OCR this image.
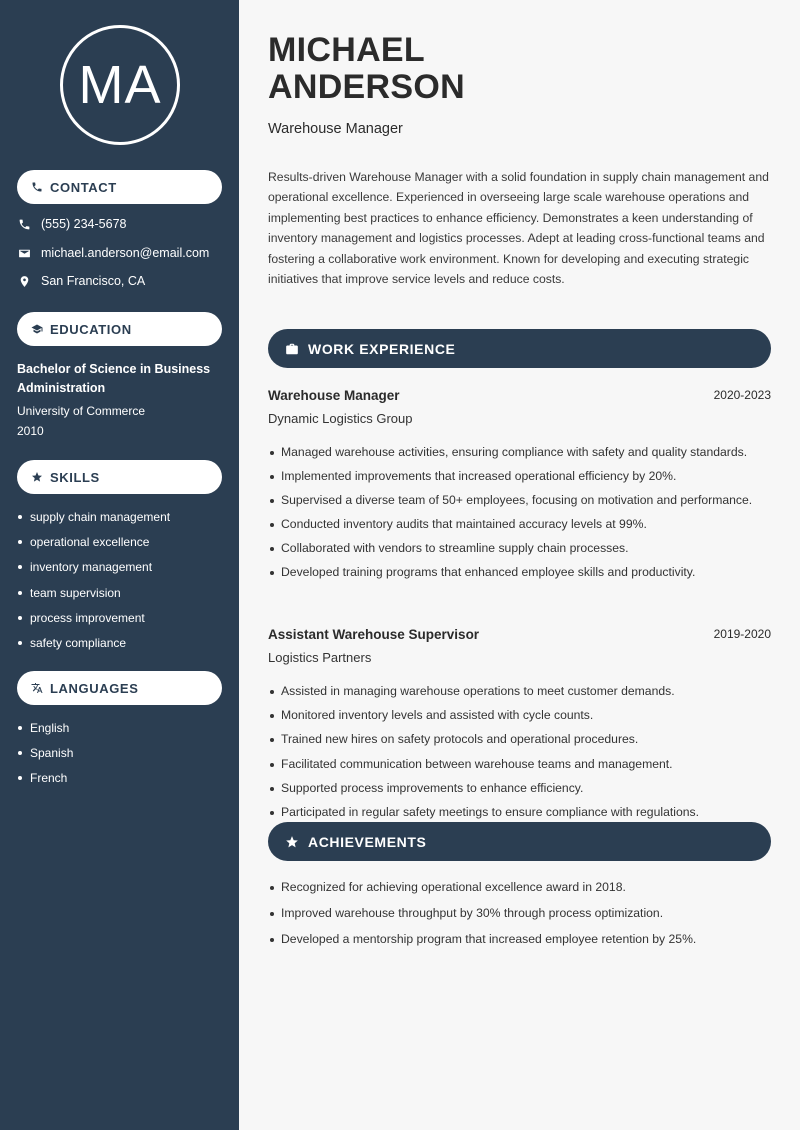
MA
CONTACT
(555) 234-5678
michael.anderson@email.com
San Francisco, CA
EDUCATION
Bachelor of Science in Business Administration
University of Commerce
2010
SKILLS
supply chain management
operational excellence
inventory management
team supervision
process improvement
safety compliance
LANGUAGES
English
Spanish
French
MICHAEL
ANDERSON
Warehouse Manager

Results-driven Warehouse Manager with a solid foundation in supply chain management and operational excellence. Experienced in overseeing large scale warehouse operations and implementing best practices to enhance efficiency. Demonstrates a keen understanding of inventory management and logistics processes. Adept at leading cross-functional teams and fostering a collaborative work environment. Known for developing and executing strategic initiatives that improve service levels and reduce costs.

WORK EXPERIENCE
Warehouse Manager	2020-2023
Dynamic Logistics Group
Managed warehouse activities, ensuring compliance with safety and quality standards.
Implemented improvements that increased operational efficiency by 20%.
Supervised a diverse team of 50+ employees, focusing on motivation and performance.
Conducted inventory audits that maintained accuracy levels at 99%.
Collaborated with vendors to streamline supply chain processes.
Developed training programs that enhanced employee skills and productivity.
Assistant Warehouse Supervisor	2019-2020
Logistics Partners
Assisted in managing warehouse operations to meet customer demands.
Monitored inventory levels and assisted with cycle counts.
Trained new hires on safety protocols and operational procedures.
Facilitated communication between warehouse teams and management.
Supported process improvements to enhance efficiency.
Participated in regular safety meetings to ensure compliance with regulations.
ACHIEVEMENTS
Recognized for achieving operational excellence award in 2018.
Improved warehouse throughput by 30% through process optimization.
Developed a mentorship program that increased employee retention by 25%.
